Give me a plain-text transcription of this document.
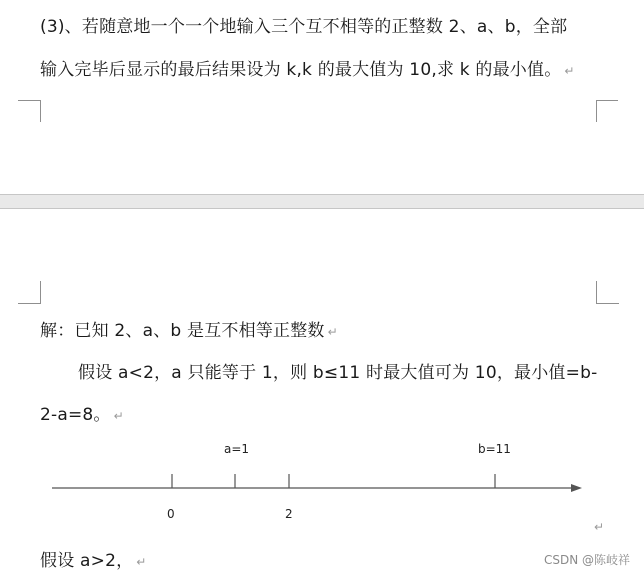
(3)、若随意地一个一个地输入三个互不相等的正整数 2、a、b，全部
输入完毕后显示的最后结果设为 k,k 的最大值为 10,求 k 的最小值。 ↵
解：已知 2、a、b 是互不相等正整数 ↵
假设 a<2，a 只能等于 1，则 b≤11 时最大值可为 10，最小值=b-
2-a=8。 ↵
a=1	b=11
0	2
↵
假设 a>2， ↵	CSDN @陈岐祥
